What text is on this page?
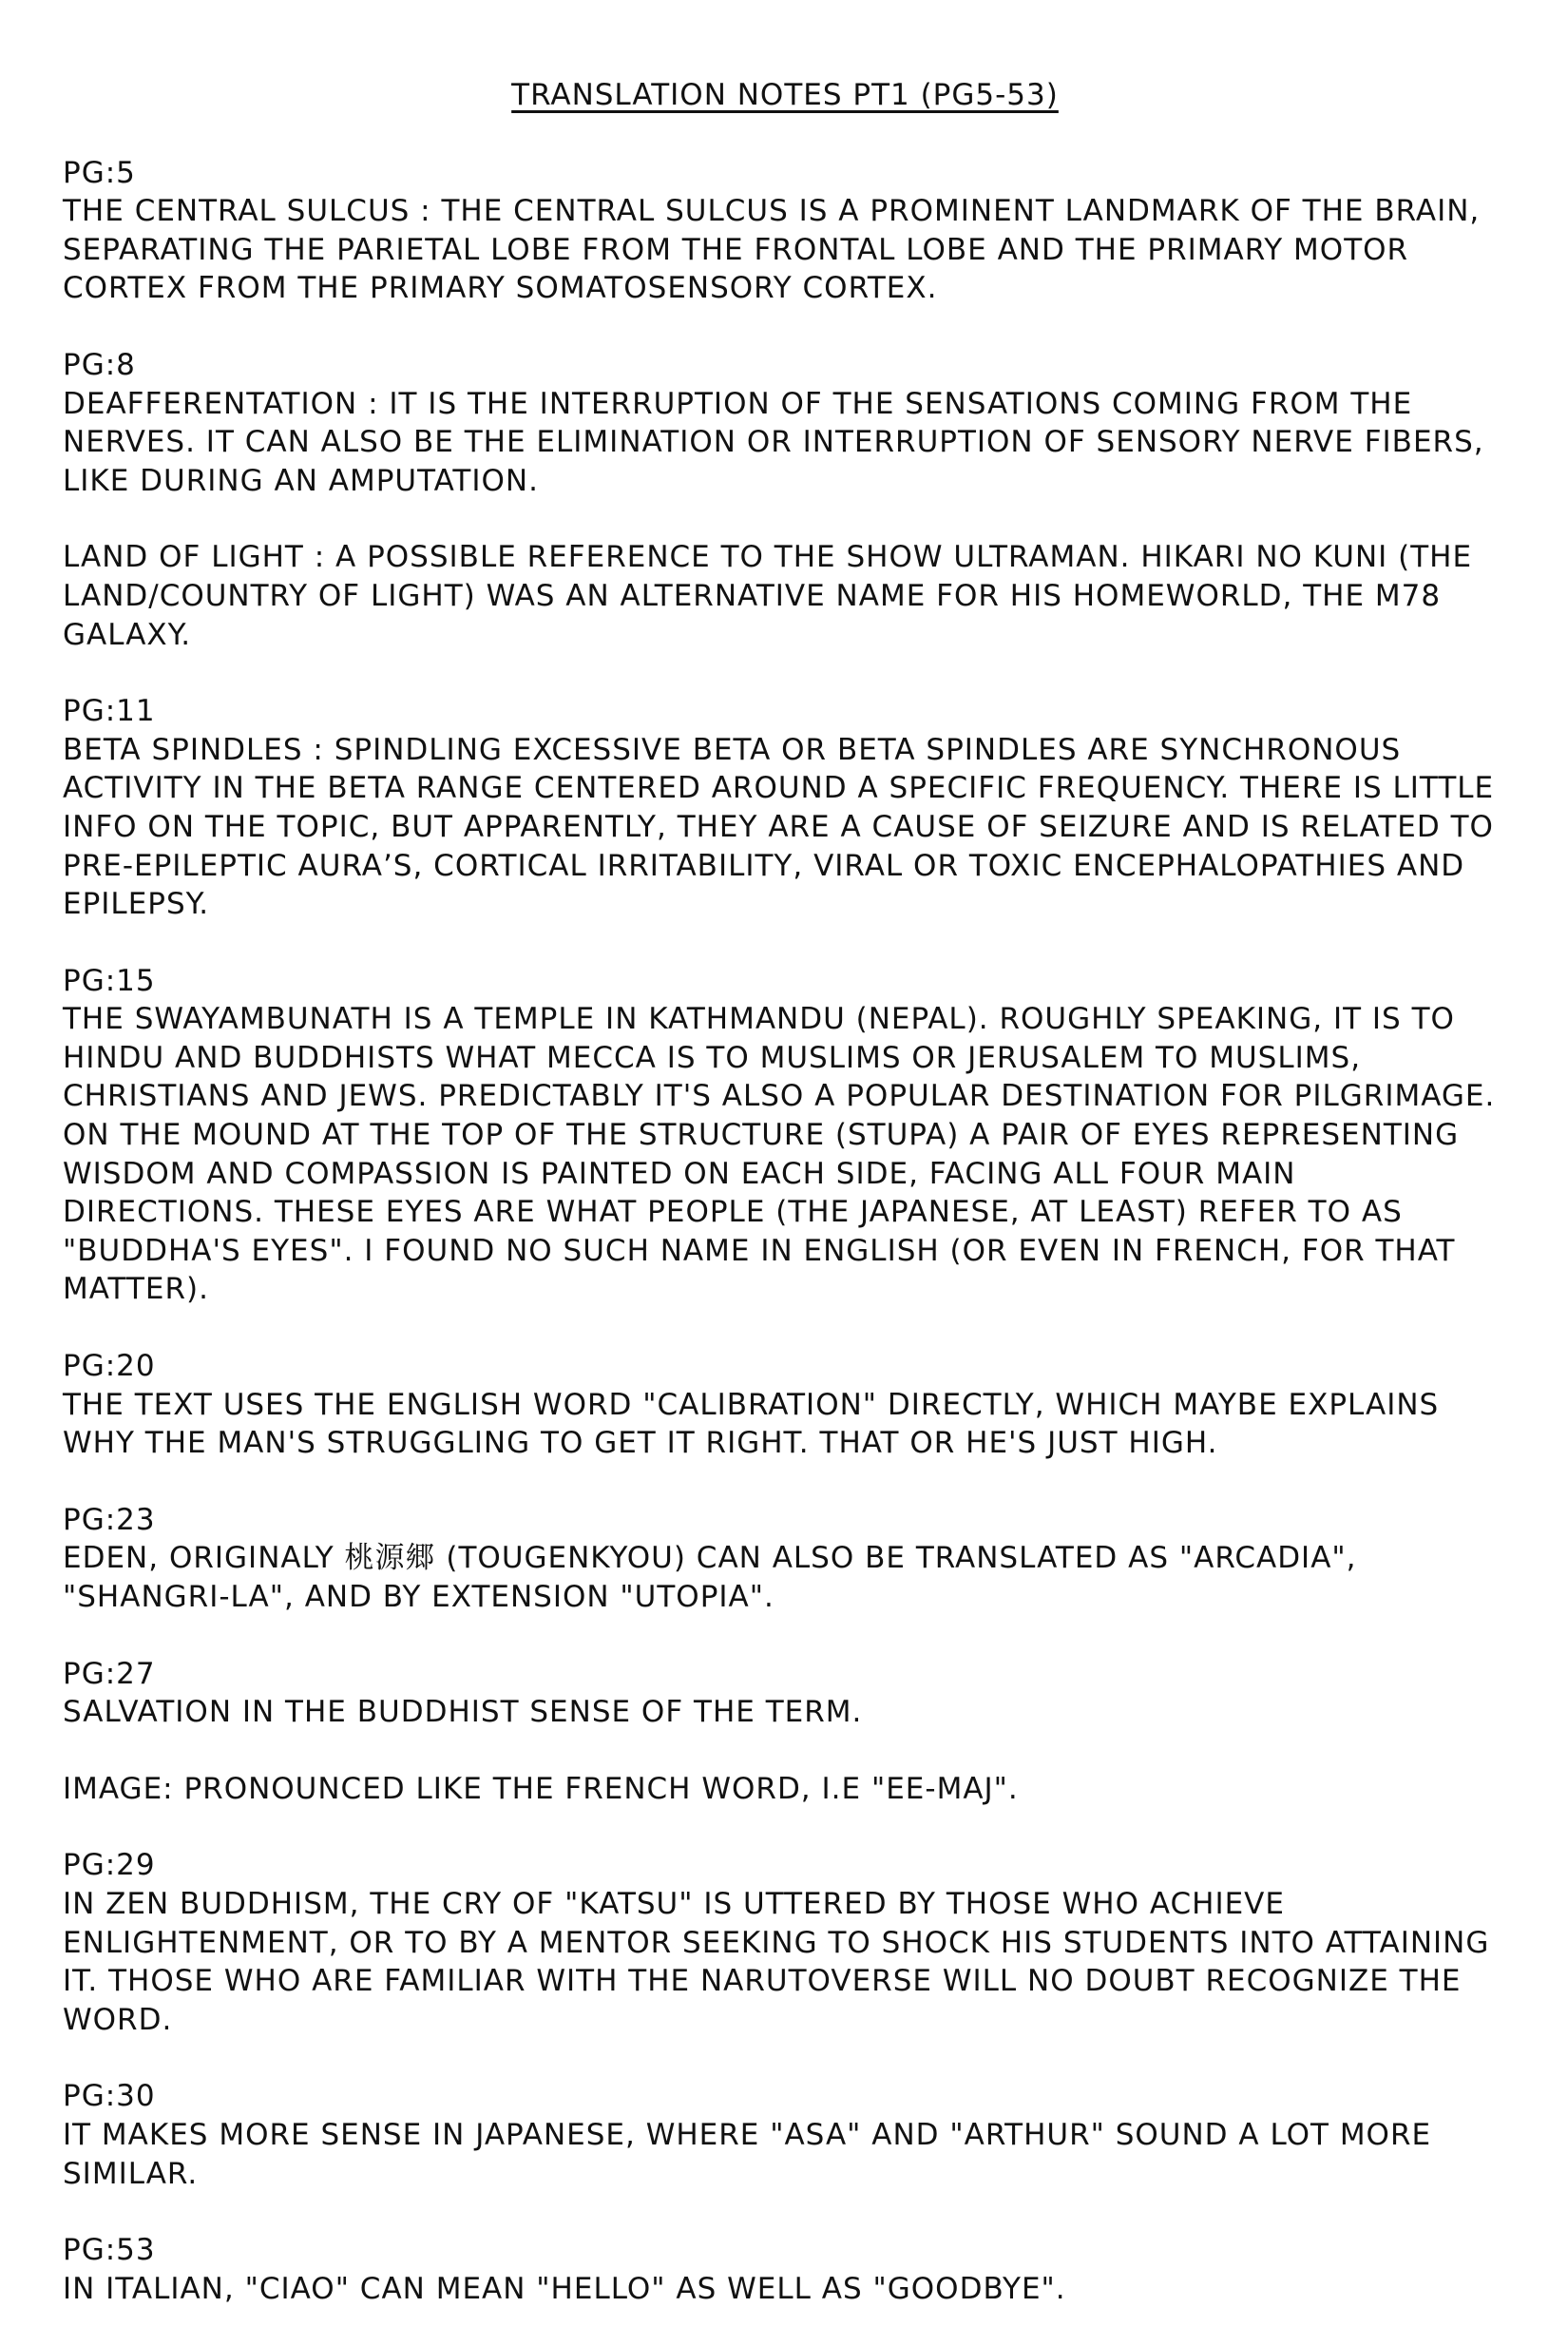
TRANSLATION NOTES PT1 (PG5-53)
PG:5
THE CENTRAL SULCUS : THE CENTRAL SULCUS IS A PROMINENT LANDMARK OF THE BRAIN, SEPARATING THE PARIETAL LOBE FROM THE FRONTAL LOBE AND THE PRIMARY MOTOR CORTEX FROM THE PRIMARY SOMATOSENSORY CORTEX.
PG:8
DEAFFERENTATION : IT IS THE INTERRUPTION OF THE SENSATIONS COMING FROM THE NERVES. IT CAN ALSO BE THE ELIMINATION OR INTERRUPTION OF SENSORY NERVE FIBERS, LIKE DURING AN AMPUTATION.
LAND OF LIGHT : A POSSIBLE REFERENCE TO THE SHOW ULTRAMAN. HIKARI NO KUNI (THE LAND/COUNTRY OF LIGHT) WAS AN ALTERNATIVE NAME FOR HIS HOMEWORLD, THE M78 GALAXY.
PG:11
BETA SPINDLES : SPINDLING EXCESSIVE BETA OR BETA SPINDLES ARE SYNCHRONOUS ACTIVITY IN THE BETA RANGE CENTERED AROUND A SPECIFIC FREQUENCY. THERE IS LITTLE INFO ON THE TOPIC, BUT APPARENTLY, THEY ARE A CAUSE OF SEIZURE AND IS RELATED TO PRE-EPILEPTIC AURA’S, CORTICAL IRRITABILITY, VIRAL OR TOXIC ENCEPHALOPATHIES AND EPILEPSY.
PG:15
THE SWAYAMBUNATH IS A TEMPLE IN KATHMANDU (NEPAL). ROUGHLY SPEAKING, IT IS TO HINDU AND BUDDHISTS WHAT MECCA IS TO MUSLIMS OR JERUSALEM TO MUSLIMS, CHRISTIANS AND JEWS. PREDICTABLY IT'S ALSO A POPULAR DESTINATION FOR PILGRIMAGE. ON THE MOUND AT THE TOP OF THE STRUCTURE (STUPA) A PAIR OF EYES REPRESENTING WISDOM AND COMPASSION IS PAINTED ON EACH SIDE, FACING ALL FOUR MAIN DIRECTIONS. THESE EYES ARE WHAT PEOPLE (THE JAPANESE, AT LEAST) REFER TO AS "BUDDHA'S EYES". I FOUND NO SUCH NAME IN ENGLISH (OR EVEN IN FRENCH, FOR THAT MATTER).
PG:20
THE TEXT USES THE ENGLISH WORD "CALIBRATION" DIRECTLY, WHICH MAYBE EXPLAINS WHY THE MAN'S STRUGGLING TO GET IT RIGHT. THAT OR HE'S JUST HIGH.
PG:23
EDEN, ORIGINALY 桃源郷 (TOUGENKYOU) CAN ALSO BE TRANSLATED AS "ARCADIA", "SHANGRI-LA", AND BY EXTENSION "UTOPIA".
PG:27
SALVATION IN THE BUDDHIST SENSE OF THE TERM.
IMAGE: PRONOUNCED LIKE THE FRENCH WORD, I.E "EE-MAJ".
PG:29
IN ZEN BUDDHISM, THE CRY OF "KATSU" IS UTTERED BY THOSE WHO ACHIEVE ENLIGHTENMENT, OR TO BY A MENTOR SEEKING TO SHOCK HIS STUDENTS INTO ATTAINING IT. THOSE WHO ARE FAMILIAR WITH THE NARUTOVERSE WILL NO DOUBT RECOGNIZE THE WORD.
PG:30
IT MAKES MORE SENSE IN JAPANESE, WHERE "ASA" AND "ARTHUR" SOUND A LOT MORE SIMILAR.
PG:53
IN ITALIAN, "CIAO" CAN MEAN "HELLO" AS WELL AS "GOODBYE".
